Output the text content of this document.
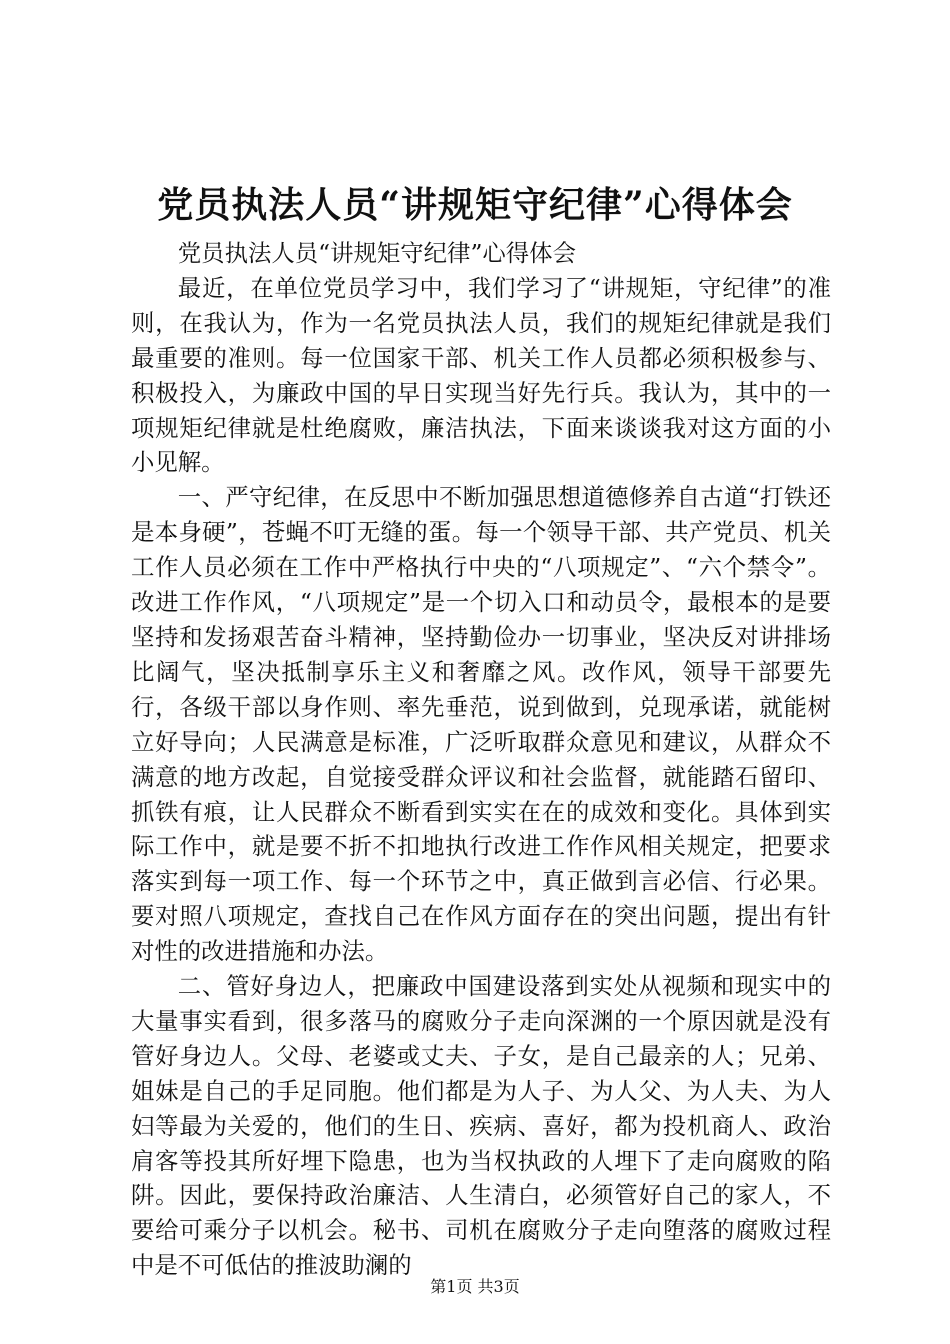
党员执法人员“讲规矩守纪律”心得体会

党员执法人员“讲规矩守纪律”心得体会

最近，在单位党员学习中，我们学习了“讲规矩，守纪律”的准则，在我认为，作为一名党员执法人员，我们的规矩纪律就是我们最重要的准则。每一位国家干部、机关工作人员都必须积极参与、积极投入，为廉政中国的早日实现当好先行兵。我认为，其中的一项规矩纪律就是杜绝腐败，廉洁执法，下面来谈谈我对这方面的小小见解。

一、严守纪律，在反思中不断加强思想道德修养自古道“打铁还是本身硬”，苍蝇不叮无缝的蛋。每一个领导干部、共产党员、机关工作人员必须在工作中严格执行中央的“八项规定”、“六个禁令”。改进工作作风，“八项规定”是一个切入口和动员令，最根本的是要坚持和发扬艰苦奋斗精神，坚持勤俭办一切事业，坚决反对讲排场比阔气，坚决抵制享乐主义和奢靡之风。改作风，领导干部要先行，各级干部以身作则、率先垂范，说到做到，兑现承诺，就能树立好导向；人民满意是标准，广泛听取群众意见和建议，从群众不满意的地方改起，自觉接受群众评议和社会监督，就能踏石留印、抓铁有痕，让人民群众不断看到实实在在的成效和变化。具体到实际工作中，就是要不折不扣地执行改进工作作风相关规定，把要求落实到每一项工作、每一个环节之中，真正做到言必信、行必果。要对照八项规定，查找自己在作风方面存在的突出问题，提出有针对性的改进措施和办法。

二、管好身边人，把廉政中国建设落到实处从视频和现实中的大量事实看到，很多落马的腐败分子走向深渊的一个原因就是没有管好身边人。父母、老婆或丈夫、子女，是自己最亲的人；兄弟、姐妹是自己的手足同胞。他们都是为人子、为人父、为人夫、为人妇等最为关爱的，他们的生日、疾病、喜好，都为投机商人、政治肩客等投其所好埋下隐患，也为当权执政的人埋下了走向腐败的陷阱。因此，要保持政治廉洁、人生清白，必须管好自己的家人，不要给可乘分子以机会。秘书、司机在腐败分子走向堕落的腐败过程中是不可低估的推波助澜的

第1页 共3页
